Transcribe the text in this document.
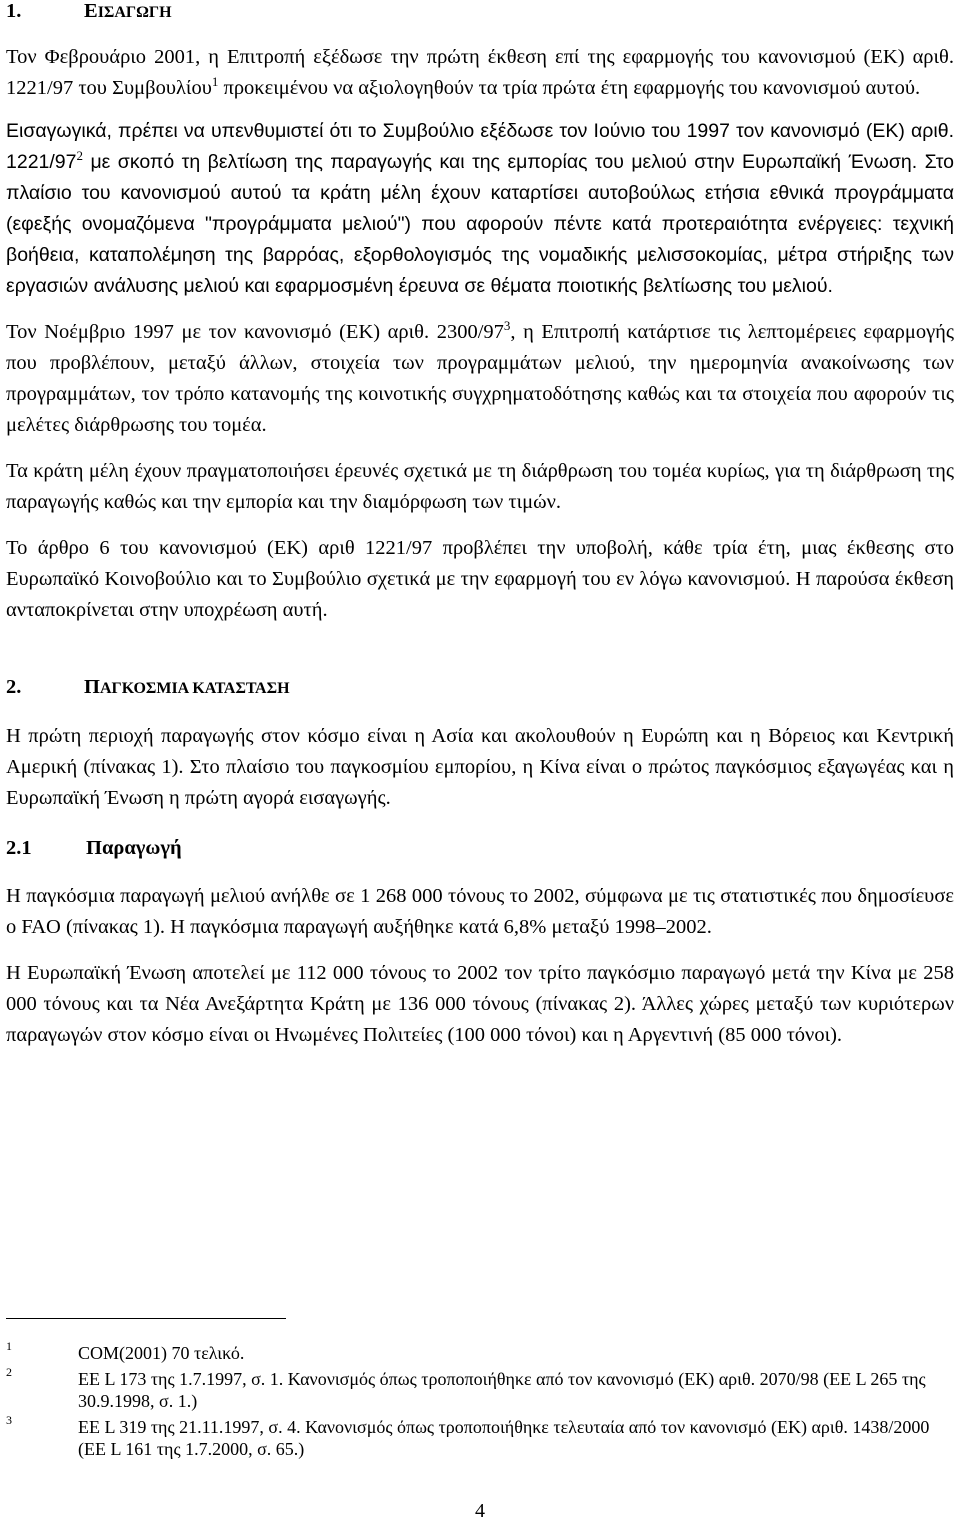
1.	ΕΙΣΑΓΩΓΗ

Τον Φεβρουάριο 2001, η Επιτροπή εξέδωσε την πρώτη έκθεση επί της εφαρμογής του κανονισμού (ΕΚ) αριθ. 1221/97 του Συμβουλίου$^1$ προκειμένου να αξιολογηθούν τα τρία πρώτα έτη εφαρμογής του κανονισμού αυτού.

Εισαγωγικά, πρέπει να υπενθυμιστεί ότι το Συμβούλιο εξέδωσε τον Ιούνιο του 1997 τον κανονισμό (ΕΚ) αριθ. $1221/97^2$ με σκοπό τη βελτίωση της παραγωγής και της εμπορίας του μελιού στην Ευρωπαϊκή Ένωση. Στο πλαίσιο του κανονισμού αυτού τα κράτη μέλη έχουν καταρτίσει αυτοβούλως ετήσια εθνικά προγράμματα (εφεξής ονομαζόμενα "προγράμματα μελιού") που αφορούν πέντε κατά προτεραιότητα ενέργειες: τεχνική βοήθεια, καταπολέμηση της βαρρόας, εξορθολογισμός της νομαδικής μελισσοκομίας, μέτρα στήριξης των εργασιών ανάλυσης μελιού και εφαρμοσμένη έρευνα σε θέματα ποιοτικής βελτίωσης του μελιού.

Τον Νοέμβριο 1997 με τον κανονισμό (ΕΚ) αριθ. $2300/97^3$, η Επιτροπή κατάρτισε τις λεπτομέρειες εφαρμογής που προβλέπουν, μεταξύ άλλων, στοιχεία των προγραμμάτων μελιού, την ημερομηνία ανακοίνωσης των προγραμμάτων, τον τρόπο κατανομής της κοινοτικής συγχρηματοδότησης καθώς και τα στοιχεία που αφορούν τις μελέτες διάρθρωσης του τομέα.

Τα κράτη μέλη έχουν πραγματοποιήσει έρευνές σχετικά με τη διάρθρωση του τομέα κυρίως, για τη διάρθρωση της παραγωγής καθώς και την εμπορία και την διαμόρφωση των τιμών.

Το άρθρο 6 του κανονισμού (ΕΚ) αριθ 1221/97 προβλέπει την υποβολή, κάθε τρία έτη, μιας έκθεσης στο Ευρωπαϊκό Κοινοβούλιο και το Συμβούλιο σχετικά με την εφαρμογή του εν λόγω κανονισμού. Η παρούσα έκθεση ανταποκρίνεται στην υποχρέωση αυτή.

2.	ΠΑΓΚΟΣΜΙΑ ΚΑΤΑΣΤΑΣΗ

Η πρώτη περιοχή παραγωγής στον κόσμο είναι η Ασία και ακολουθούν η Ευρώπη και η Βόρειος και Κεντρική Αμερική (πίνακας 1). Στο πλαίσιο του παγκοσμίου εμπορίου, η Κίνα είναι ο πρώτος παγκόσμιος εξαγωγέας και η Ευρωπαϊκή Ένωση η πρώτη αγορά εισαγωγής.

2.1	Παραγωγή

Η παγκόσμια παραγωγή μελιού ανήλθε σε 1 268 000 τόνους το 2002, σύμφωνα με τις στατιστικές που δημοσίευσε ο FAO (πίνακας 1). Η παγκόσμια παραγωγή αυξήθηκε κατά 6,8% μεταξύ 1998–2002.

Η Ευρωπαϊκή Ένωση αποτελεί με 112 000 τόνους το 2002 τον τρίτο παγκόσμιο παραγωγό μετά την Κίνα με 258 000 τόνους και τα Νέα Ανεξάρτητα Κράτη με 136 000 τόνους (πίνακας 2). Άλλες χώρες μεταξύ των κυριότερων παραγωγών στον κόσμο είναι οι Ηνωμένες Πολιτείες (100 000 τόνοι) και η Αργεντινή (85 000 τόνοι).

1	COM(2001) 70 τελικό.
2	ΕΕ L 173 της 1.7.1997, σ. 1. Κανονισμός όπως τροποποιήθηκε από τον κανονισμό (ΕΚ) αριθ. 2070/98 (ΕΕ L 265 της 30.9.1998, σ. 1.)
3	ΕΕ L 319 της 21.11.1997, σ. 4. Κανονισμός όπως τροποποιήθηκε τελευταία από τον κανονισμό (ΕΚ) αριθ. 1438/2000 (ΕΕ L 161 της 1.7.2000, σ. 65.)
4
